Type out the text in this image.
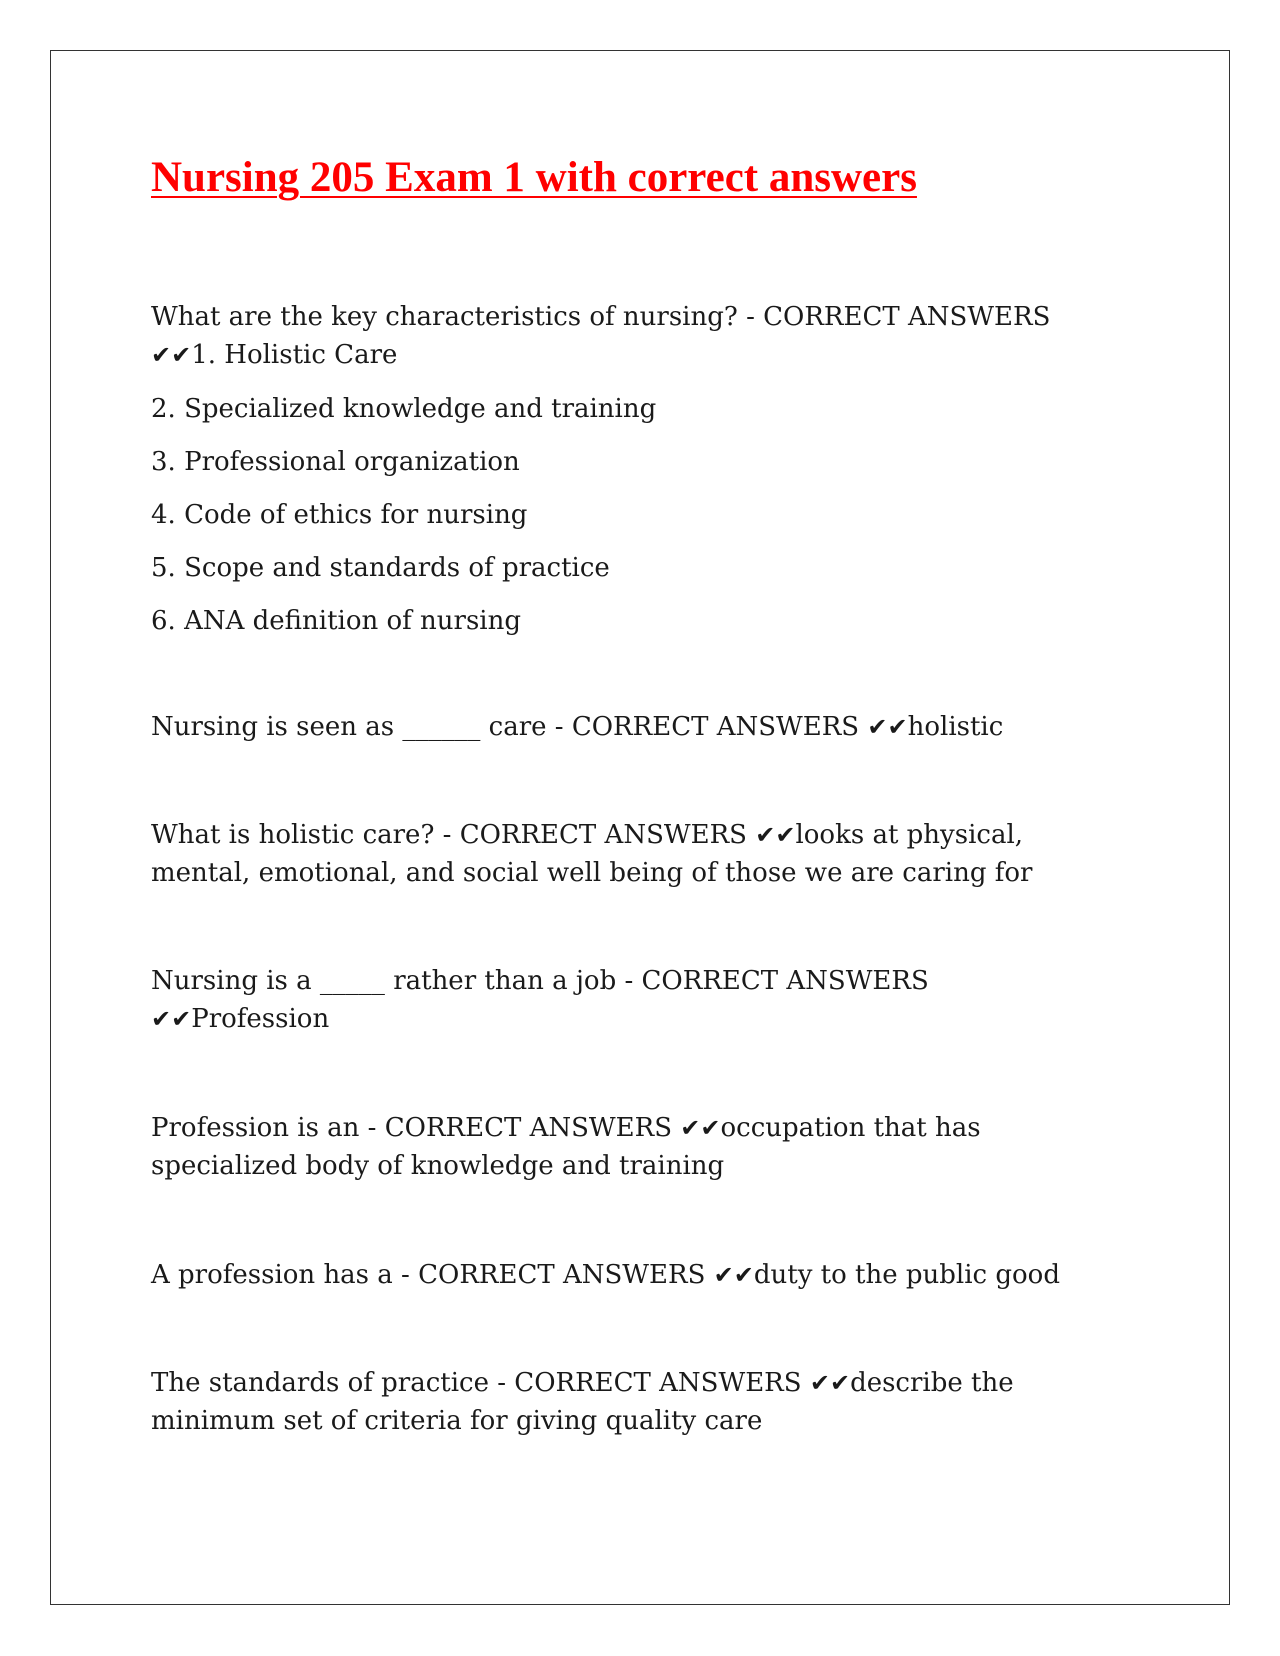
Nursing 205 Exam 1 with correct answers

What are the key characteristics of nursing? - CORRECT ANSWERS

✔✔1. Holistic Care

2. Specialized knowledge and training

3. Professional organization

4. Code of ethics for nursing

5. Scope and standards of practice

6. ANA definition of nursing

Nursing is seen as ______ care - CORRECT ANSWERS ✔✔holistic

What is holistic care? - CORRECT ANSWERS ✔✔looks at physical,

mental, emotional, and social well being of those we are caring for

Nursing is a _____ rather than a job - CORRECT ANSWERS

✔✔Profession

Profession is an - CORRECT ANSWERS ✔✔occupation that has

specialized body of knowledge and training

A profession has a - CORRECT ANSWERS ✔✔duty to the public good

The standards of practice - CORRECT ANSWERS ✔✔describe the

minimum set of criteria for giving quality care
